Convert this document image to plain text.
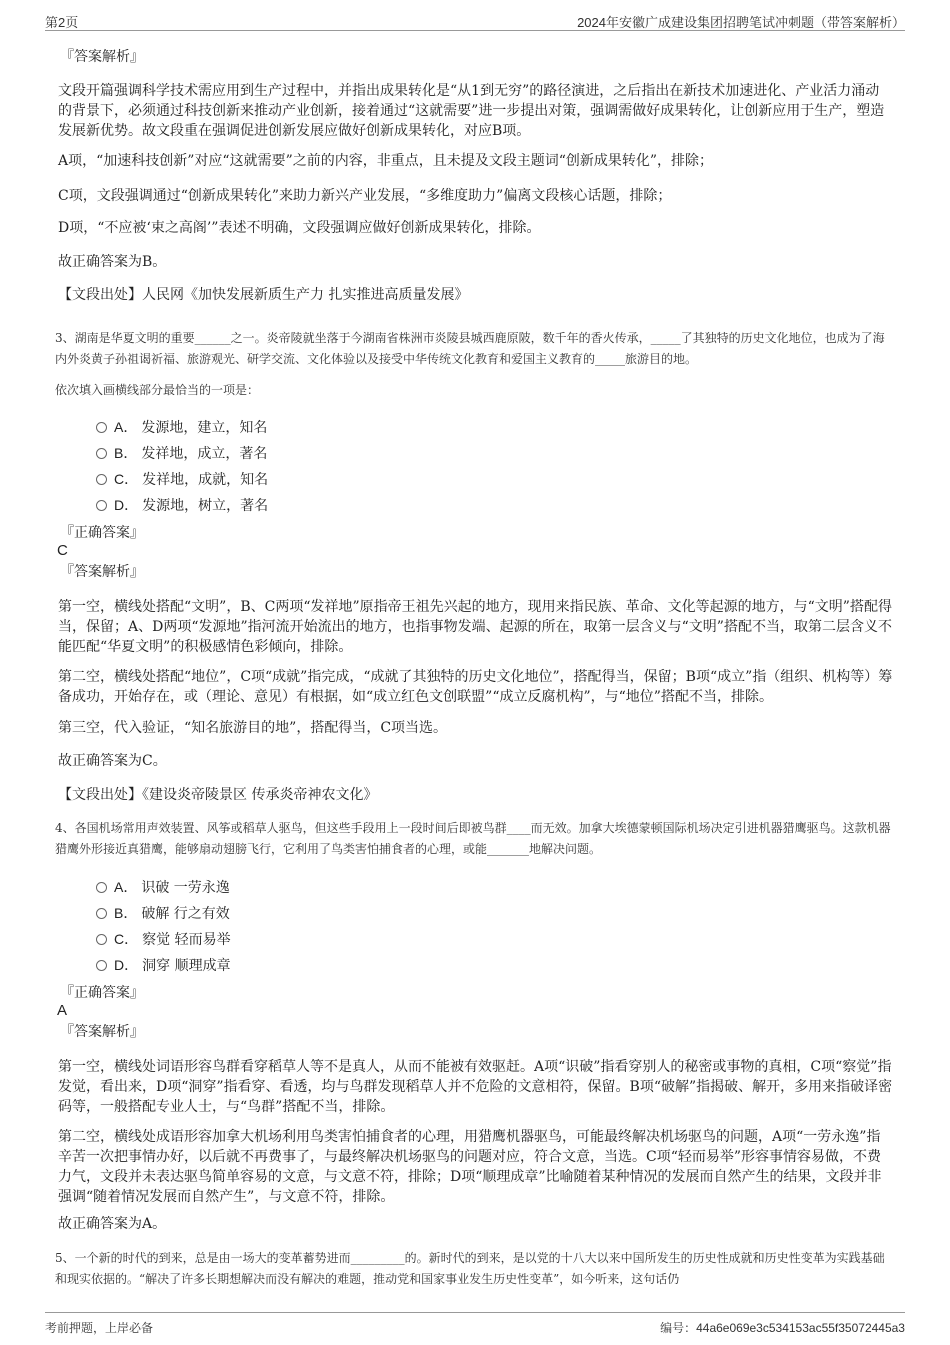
第2页	2024年安徽广成建设集团招聘笔试冲刺题（带答案解析）
『答案解析』

文段开篇强调科学技术需应用到生产过程中，并指出成果转化是“从1到无穷”的路径演进，之后指出在新技术加速进化、产业活力涌动的背景下，必须通过科技创新来推动产业创新，接着通过“这就需要”进一步提出对策，强调需做好成果转化，让创新应用于生产，塑造发展新优势。故文段重在强调促进创新发展应做好创新成果转化，对应B项。

A项，“加速科技创新”对应“这就需要”之前的内容，非重点，且未提及文段主题词“创新成果转化”，排除；

C项，文段强调通过“创新成果转化”来助力新兴产业发展，“多维度助力”偏离文段核心话题，排除；

D项，“不应被‘束之高阁’”表述不明确，文段强调应做好创新成果转化，排除。

故正确答案为B。

【文段出处】人民网《加快发展新质生产力 扎实推进高质量发展》

3、湖南是华夏文明的重要______之一。炎帝陵就坐落于今湖南省株洲市炎陵县城西鹿原陂，数千年的香火传承，_____了其独特的历史文化地位，也成为了海内外炎黄子孙祖谒祈福、旅游观光、研学交流、文化体验以及接受中华传统文化教育和爱国主义教育的_____旅游目的地。

依次填入画横线部分最恰当的一项是：

A． 发源地，建立，知名
B． 发祥地，成立，著名
C． 发祥地，成就，知名
D． 发源地，树立，著名
『正确答案』
C
『答案解析』

第一空，横线处搭配“文明”，B、C两项“发祥地”原指帝王祖先兴起的地方，现用来指民族、革命、文化等起源的地方，与“文明”搭配得当，保留；A、D两项“发源地”指河流开始流出的地方，也指事物发端、起源的所在，取第一层含义与“文明”搭配不当，取第二层含义不能匹配“华夏文明”的积极感情色彩倾向，排除。

第二空，横线处搭配“地位”，C项“成就”指完成，“成就了其独特的历史文化地位”，搭配得当，保留；B项“成立”指（组织、机构等）筹备成功，开始存在，或（理论、意见）有根据，如“成立红色文创联盟”“成立反腐机构”，与“地位”搭配不当，排除。

第三空，代入验证，“知名旅游目的地”，搭配得当，C项当选。

故正确答案为C。

【文段出处】《建设炎帝陵景区 传承炎帝神农文化》

4、各国机场常用声效装置、风筝或稻草人驱鸟，但这些手段用上一段时间后即被鸟群____而无效。加拿大埃德蒙顿国际机场决定引进机器猎鹰驱鸟。这款机器猎鹰外形接近真猎鹰，能够扇动翅膀飞行，它利用了鸟类害怕捕食者的心理，或能_______地解决问题。

A． 识破 一劳永逸
B． 破解 行之有效
C． 察觉 轻而易举
D． 洞穿 顺理成章
『正确答案』
A
『答案解析』

第一空，横线处词语形容鸟群看穿稻草人等不是真人，从而不能被有效驱赶。A项“识破”指看穿别人的秘密或事物的真相，C项“察觉”指发觉，看出来，D项“洞穿”指看穿、看透，均与鸟群发现稻草人并不危险的文意相符，保留。B项“破解”指揭破、解开，多用来指破译密码等，一般搭配专业人士，与“鸟群”搭配不当，排除。

第二空，横线处成语形容加拿大机场利用鸟类害怕捕食者的心理，用猎鹰机器驱鸟，可能最终解决机场驱鸟的问题，A项“一劳永逸”指辛苦一次把事情办好，以后就不再费事了，与最终解决机场驱鸟的问题对应，符合文意，当选。C项“轻而易举”形容事情容易做，不费力气，文段并未表达驱鸟简单容易的文意，与文意不符，排除；D项“顺理成章”比喻随着某种情况的发展而自然产生的结果，文段并非强调“随着情况发展而自然产生”，与文意不符，排除。

故正确答案为A。

5、一个新的时代的到来，总是由一场大的变革蓄势进而_________的。新时代的到来，是以党的十八大以来中国所发生的历史性成就和历史性变革为实践基础和现实依据的。“解决了许多长期想解决而没有解决的难题，推动党和国家事业发生历史性变革”，如今听来，这句话仍

考前押题，上岸必备	编号：44a6e069e3c534153ac55f35072445a3
